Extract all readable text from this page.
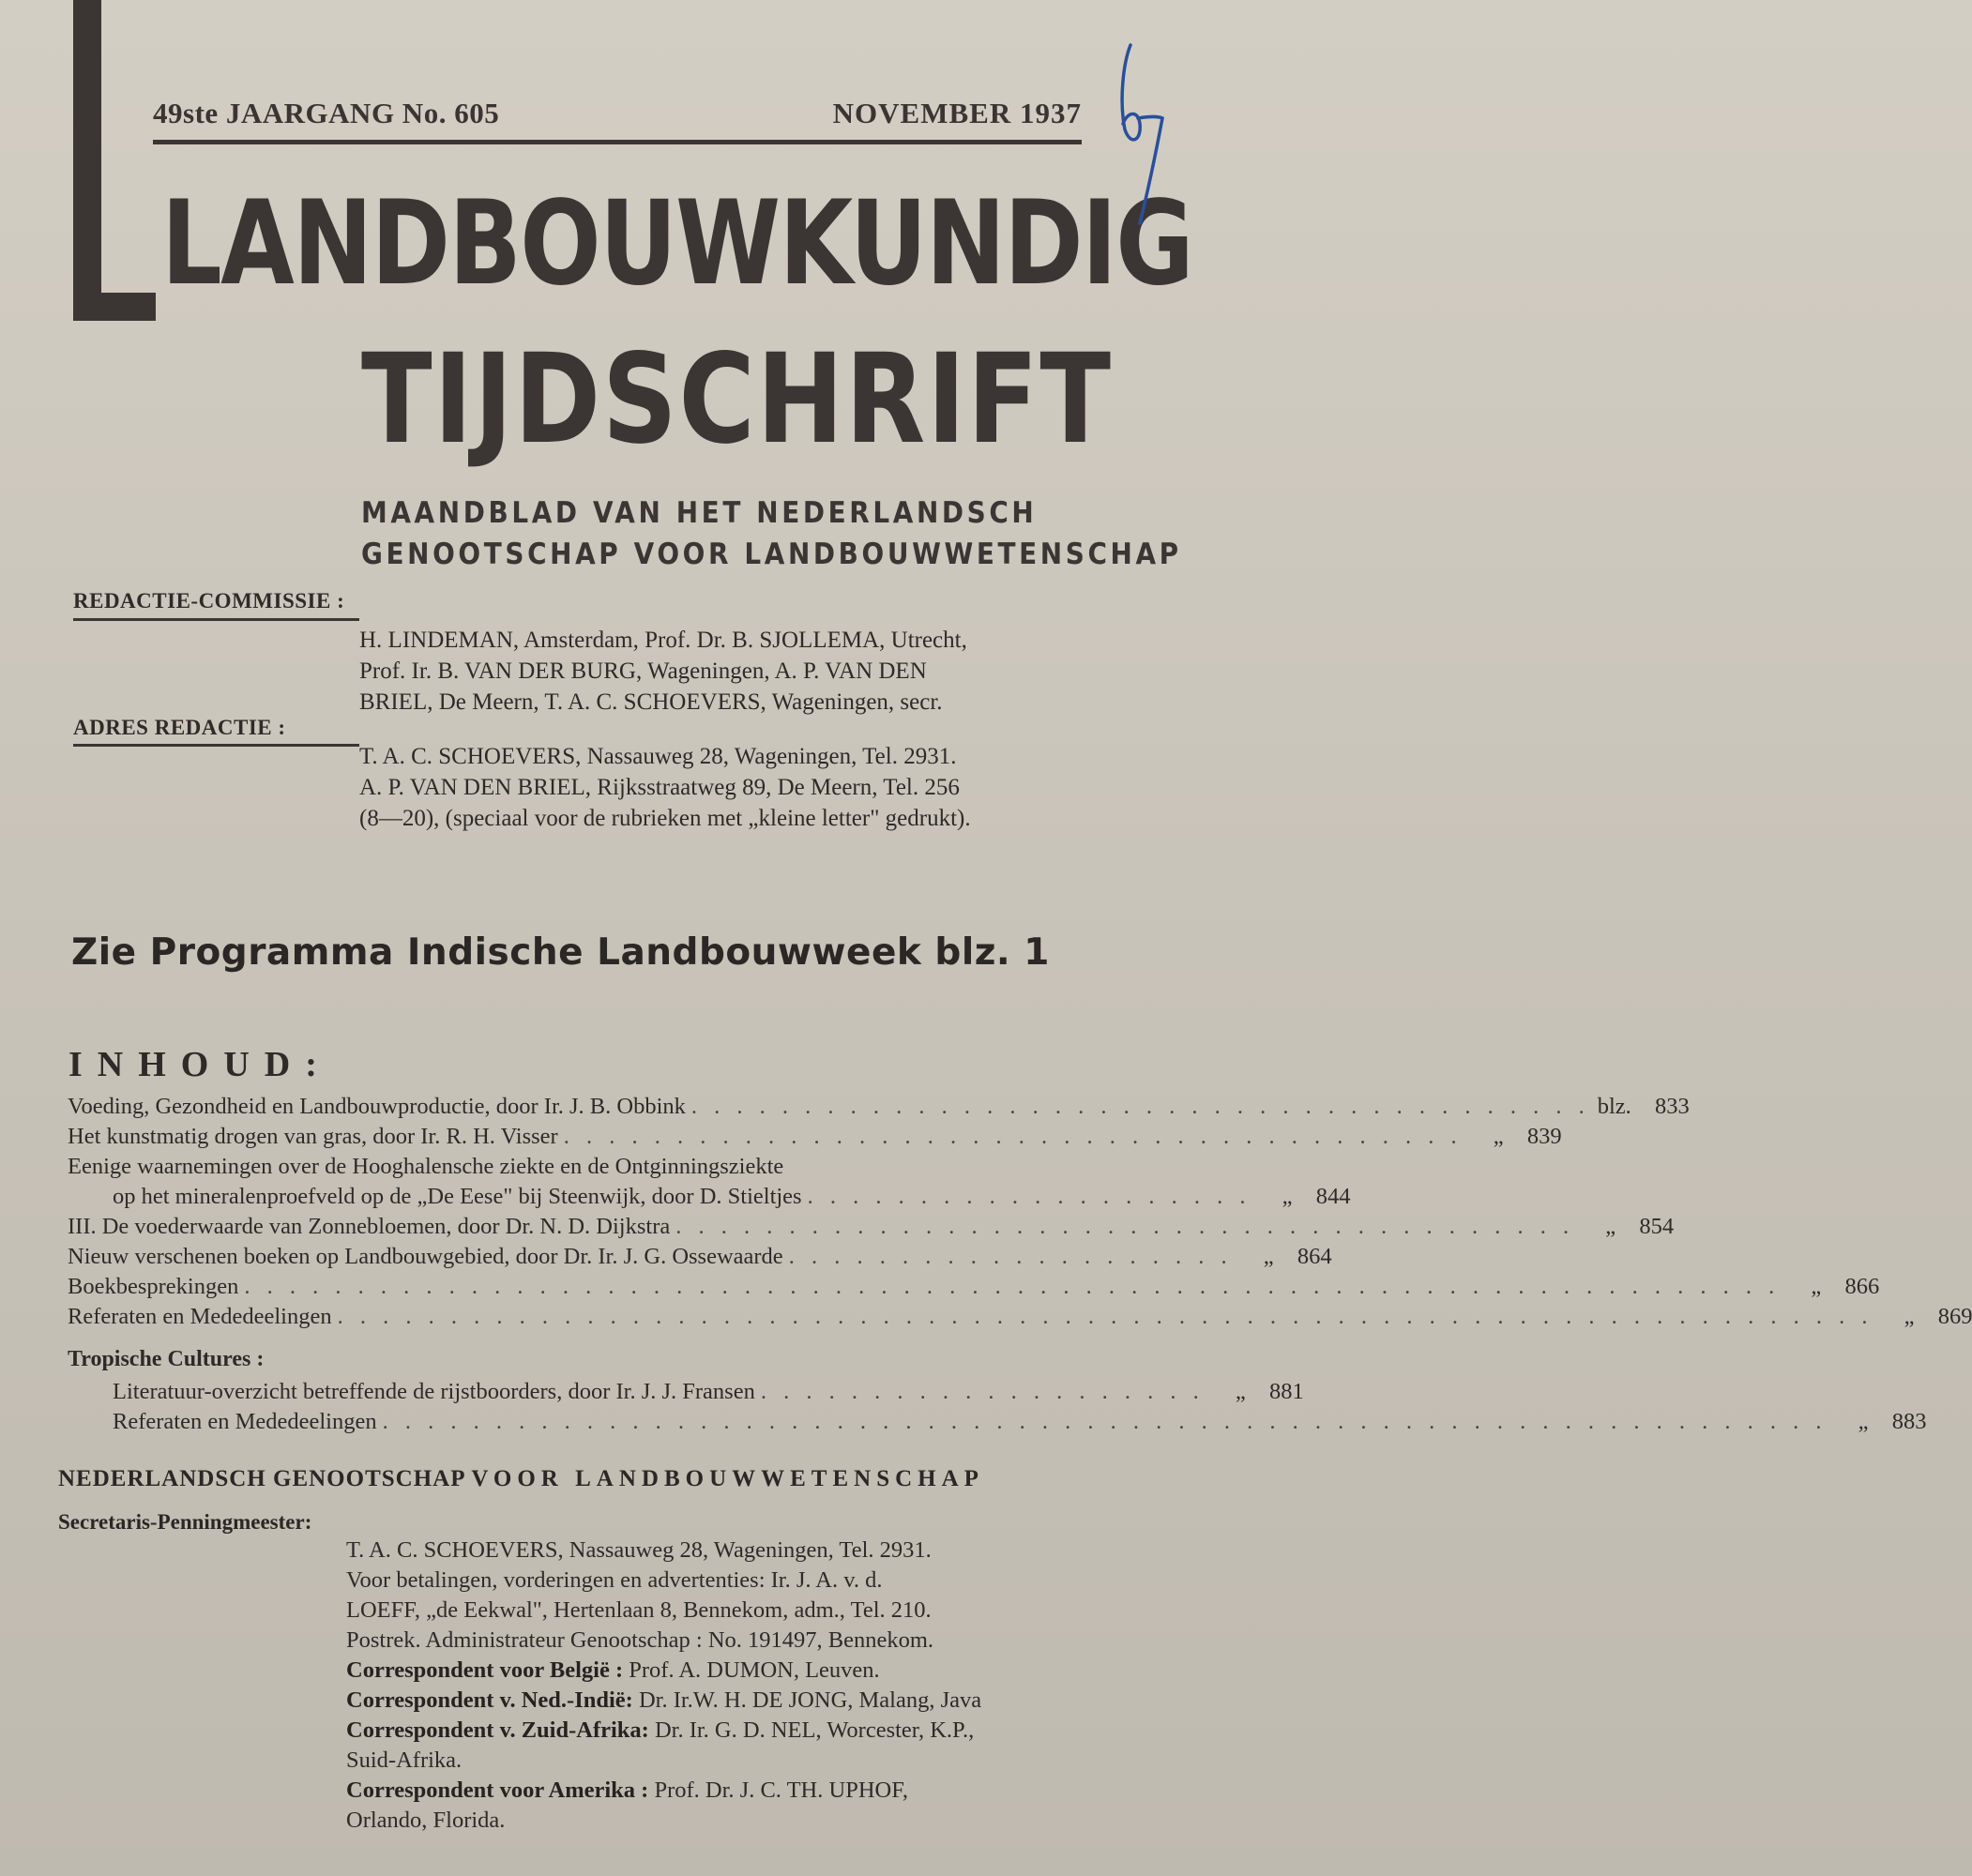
49ste JAARGANG No. 605	NOVEMBER 1937
LANDBOUWKUNDIG
TIJDSCHRIFT
MAANDBLAD VAN HET NEDERLANDSCH
GENOOTSCHAP VOOR LANDBOUWWETENSCHAP
REDACTIE-COMMISSIE :
H. LINDEMAN, Amsterdam, Prof. Dr. B. SJOLLEMA, Utrecht,
Prof. Ir. B. VAN DER BURG, Wageningen, A. P. VAN DEN
BRIEL, De Meern, T. A. C. SCHOEVERS, Wageningen, secr.
ADRES REDACTIE :
T. A. C. SCHOEVERS, Nassauweg 28, Wageningen, Tel. 2931.
A. P. VAN DEN BRIEL, Rijksstraatweg 89, De Meern, Tel. 256
(8—20), (speciaal voor de rubrieken met „kleine letter" gedrukt).
Zie Programma Indische Landbouwweek blz. 1
INHOUD:
Voeding, Gezondheid en Landbouwproductie, door Ir. J. B. Obbink . . . . . . . . . . . . . . . . . . . . . . . . . . . . . . . . . . . . . . . . blz.	833
Het kunstmatig drogen van gras, door Ir. R. H. Visser . . . . . . . . . . . . . . . . . . . . . . . . . . . . . . . . . . . . . . . .	„	839
Eenige waarnemingen over de Hooghalensche ziekte en de Ontginningsziekte
op het mineralenproefveld op de „De Eese" bij Steenwijk, door D. Stieltjes . . . . . . . . . . . . . . . . . . . .	„	844
III. De voederwaarde van Zonnebloemen, door Dr. N. D. Dijkstra . . . . . . . . . . . . . . . . . . . . . . . . . . . . . . . . . . . . . . . .	„	854
Nieuw verschenen boeken op Landbouwgebied, door Dr. Ir. J. G. Ossewaarde . . . . . . . . . . . . . . . . . . . .	„	864
Boekbesprekingen . . . . . . . . . . . . . . . . . . . . . . . . . . . . . . . . . . . . . . . . . . . . . . . . . . . . . . . . . . . . . . . . . . . .	„	866
Referaten en Mededeelingen . . . . . . . . . . . . . . . . . . . . . . . . . . . . . . . . . . . . . . . . . . . . . . . . . . . . . . . . . . . . . . . . . . . .	„	869
Tropische Cultures :
Literatuur-overzicht betreffende de rijstboorders, door Ir. J. J. Fransen . . . . . . . . . . . . . . . . . . . .	„	881
Referaten en Mededeelingen . . . . . . . . . . . . . . . . . . . . . . . . . . . . . . . . . . . . . . . . . . . . . . . . . . . . . . . . . . . . . . . .	„	883
NEDERLANDSCH GENOOTSCHAP VOOR LANDBOUWWETENSCHAP
Secretaris-Penningmeester:
T. A. C. SCHOEVERS, Nassauweg 28, Wageningen, Tel. 2931.
Voor betalingen, vorderingen en advertenties: Ir. J. A. v. d.
LOEFF, „de Eekwal", Hertenlaan 8, Bennekom, adm., Tel. 210.
Postrek. Administrateur Genootschap : No. 191497, Bennekom.
Correspondent voor België : Prof. A. DUMON, Leuven.
Correspondent v. Ned.-Indië: Dr. Ir.W. H. DE JONG, Malang, Java
Correspondent v. Zuid-Afrika: Dr. Ir. G. D. NEL, Worcester, K.P.,
Suid-Afrika.
Correspondent voor Amerika : Prof. Dr. J. C. TH. UPHOF,
Orlando, Florida.
